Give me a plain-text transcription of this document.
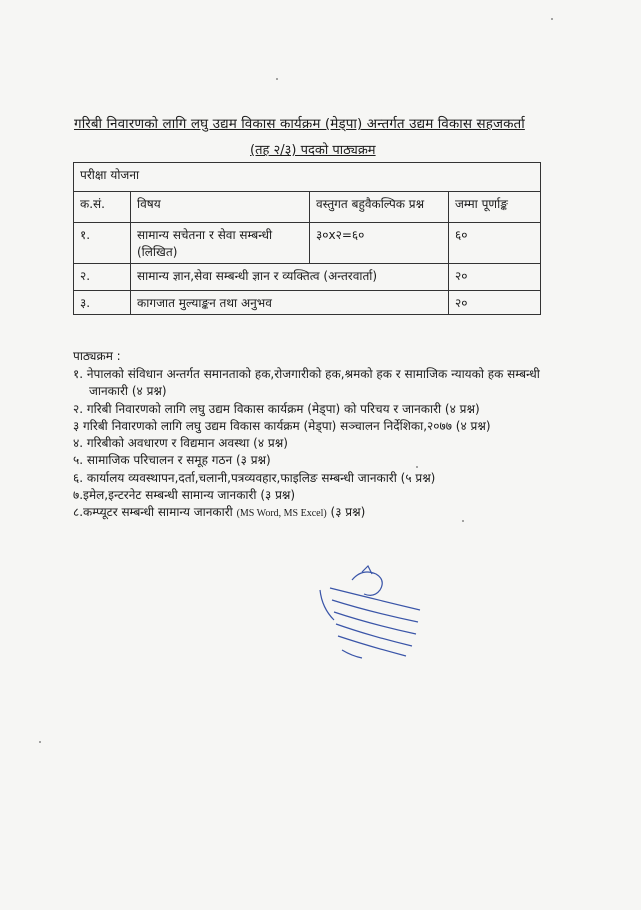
गरिबी निवारणको लागि लघु उद्यम विकास कार्यक्रम (मेड्पा) अन्तर्गत उद्यम विकास सहजकर्ता
(तह २/३) पदको पाठ्यक्रम
परीक्षा योजना			
क.सं.	विषय	वस्तुगत बहुवैकल्पिक प्रश्न	जम्मा पूर्णाङ्क
१.	सामान्य सचेतना र सेवा सम्बन्धी (लिखित)	३०x२=६०	६०
२.	सामान्य ज्ञान,सेवा सम्बन्धी ज्ञान र व्यक्तित्व (अन्तरवार्ता)		२०
३.	कागजात मुल्याङ्कन तथा अनुभव		२०
पाठ्यक्रम :
१. नेपालको संविधान अन्तर्गत समानताको हक,रोजगारीको हक,श्रमको हक र सामाजिक न्यायको हक सम्बन्धी जानकारी (४ प्रश्न)
२. गरिबी निवारणको लागि लघु उद्यम विकास कार्यक्रम (मेड्पा) को परिचय र जानकारी (४ प्रश्न)
३ गरिबी निवारणको लागि लघु उद्यम विकास कार्यक्रम (मेड्पा) सञ्चालन निर्देशिका,२०७७ (४ प्रश्न)
४. गरिबीको अवधारण र विद्यमान अवस्था (४ प्रश्न)
५. सामाजिक परिचालन र समूह गठन (३ प्रश्न)
६. कार्यालय व्यवस्थापन,दर्ता,चलानी,पत्रव्यवहार,फाइलिङ सम्बन्धी जानकारी (५ प्रश्न)
७.इमेल,इन्टरनेट सम्बन्धी सामान्य जानकारी (३ प्रश्न)
८.कम्प्यूटर सम्बन्धी सामान्य जानकारी (MS Word, MS Excel) (३ प्रश्न)
